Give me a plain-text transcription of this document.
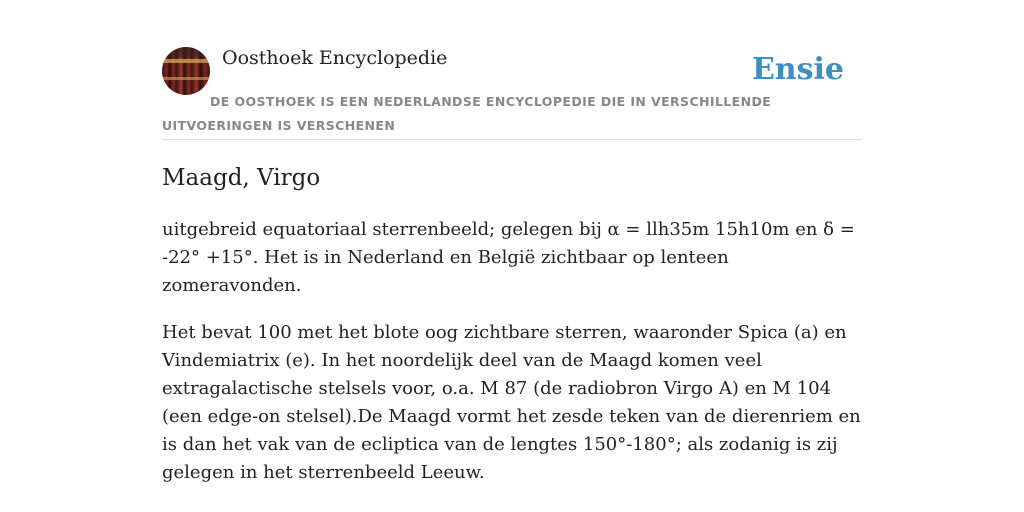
Oosthoek Encyclopedie	Ensie
DE OOSTHOEK IS EEN NEDERLANDSE ENCYCLOPEDIE DIE IN VERSCHILLENDE UITVOERINGEN IS VERSCHENEN
Maagd, Virgo

uitgebreid equatoriaal sterrenbeeld; gelegen bij α = llh35m 15h10m en δ = -22° +15°. Het is in Nederland en België zichtbaar op lenteen zomeravonden.

Het bevat 100 met het blote oog zichtbare sterren, waaronder Spica (a) en Vindemiatrix (e). In het noordelijk deel van de Maagd komen veel extragalactische stelsels voor, o.a. M 87 (de radiobron Virgo A) en M 104 (een edge-on stelsel).De Maagd vormt het zesde teken van de dierenriem en is dan het vak van de ecliptica van de lengtes 150°-180°; als zodanig is zij gelegen in het sterrenbeeld Leeuw.
